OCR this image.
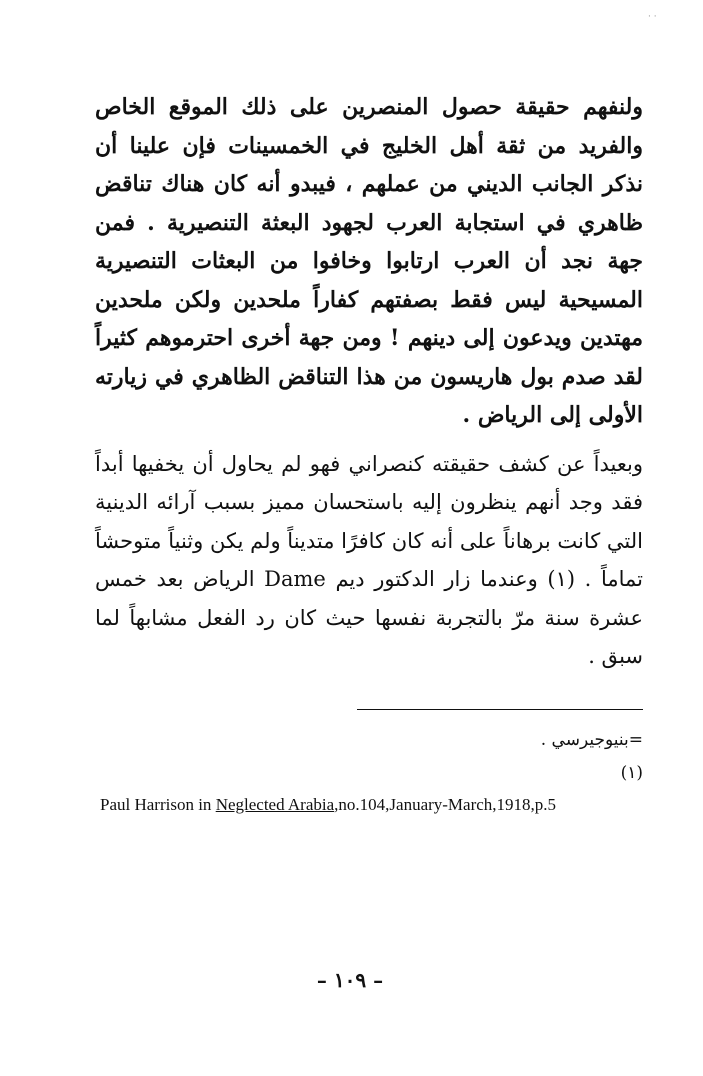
· ·

ولنفهم حقيقة حصول المنصرين على ذلك الموقع الخاص والفريد من ثقة أهل الخليج في الخمسينات فإن علينا أن نذكر الجانب الديني من عملهم ، فيبدو أنه كان هناك تناقض ظاهري في استجابة العرب لجهود البعثة التنصيرية . فمن جهة نجد أن العرب ارتابوا وخافوا من البعثات التنصيرية المسيحية ليس فقط بصفتهم كفاراً ملحدين ولكن ملحدين مهتدين ويدعون إلى دينهم ! ومن جهة أخرى احترموهم كثيراً لقد صدم بول هاريسون من هذا التناقض الظاهري في زيارته الأولى إلى الرياض .

وبعيداً عن كشف حقيقته كنصراني فهو لم يحاول أن يخفيها أبداً فقد وجد أنهم ينظرون إليه باستحسان مميز بسبب آرائه الدينية التي كانت برهاناً على أنه كان كافرًا متديناً ولم يكن وثنياً متوحشاً تماماً . (١) وعندما زار الدكتور ديم Dame الرياض بعد خمس عشرة سنة مرّ بالتجربة نفسها حيث كان رد الفعل مشابهاً لما سبق .

=بنيوجيرسي .
(١)
Paul Harrison in Neglected Arabia,no.104,January-March,1918,p.5
– ١٠٩ –
